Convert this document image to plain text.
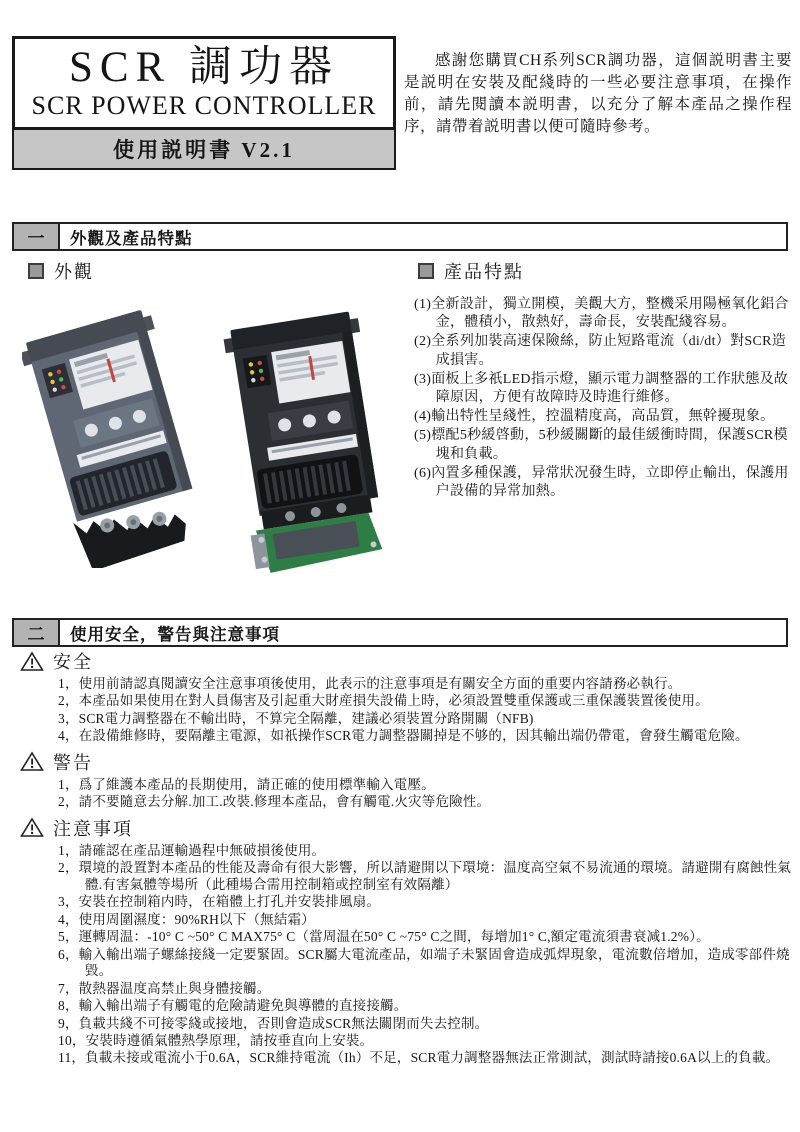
SCR 調功器
SCR POWER CONTROLLER
使用説明書 V2.1
感謝您購買CH系列SCR調功器，這個説明書主要是説明在安裝及配綫時的一些必要注意事項，在操作前，請先閱讀本説明書，以充分了解本產品之操作程序，請帶着説明書以便可隨時參考。
一	外觀及產品特點
外觀	產品特點
(1)全新設計，獨立開模，美觀大方，整機采用陽極氧化鋁合金，體積小，散熱好，壽命長，安裝配綫容易。
(2)全系列加裝高速保險絲，防止短路電流（di/dt）對SCR造成損害。
(3)面板上多祇LED指示燈，顯示電力調整器的工作狀態及故障原因，方便有故障時及時進行維修。
(4)輸出特性呈綫性，控溫精度高，高品質，無幹擾現象。
(5)標配5秒緩啓動，5秒緩關斷的最佳緩衝時間，保護SCR模塊和負載。
(6)內置多種保護，异常狀况發生時，立即停止輸出，保護用户設備的异常加熱。
二	使用安全，警告與注意事項
安全
1，使用前請認真閱讀安全注意事項後使用，此表示的注意事項是有關安全方面的重要内容請務必執行。
2，本產品如果使用在對人員傷害及引起重大財産損失設備上時，必須設置雙重保護或三重保護裝置後使用。
3，SCR電力調整器在不輸出時，不算完全隔離，建議必須裝置分路開關（NFB)
4，在設備維修時，要隔離主電源，如祇操作SCR電力調整器關掉是不够的，因其輸出端仍帶電，會發生觸電危險。
警告
1，爲了維護本產品的長期使用，請正確的使用標準輸入電壓。
2，請不要隨意去分解.加工.改裝.修理本產品，會有觸電.火灾等危險性。
注意事項
1，請確認在產品運輸過程中無破損後使用。
2，環境的設置對本產品的性能及壽命有很大影響，所以請避開以下環境：温度高空氣不易流通的環境。請避開有腐蝕性氣體.有害氣體等場所（此種場合需用控制箱或控制室有效隔離）
3，安裝在控制箱内時，在箱體上打孔并安裝排風扇。
4，使用周圍濕度：90%RH以下（無結霜）
5，運轉周温：-10° C ~50° C MAX75° C（當周温在50° C ~75° C之間，每增加1° C,額定電流須書衰减1.2%）。
6，輸入輸出端子螺絲接綫一定要緊固。SCR屬大電流產品，如端子未緊固會造成弧焊現象，電流數倍增加，造成零部件燒毀。
7，散熱器温度高禁止與身體接觸。
8，輸入輸出端子有觸電的危險請避免與導體的直接接觸。
9，負載共綫不可接零綫或接地，否則會造成SCR無法關閉而失去控制。
10，安裝時遵循氣體熱學原理，請按垂直向上安裝。
11，負載未接或電流小于0.6A，SCR維持電流（Ih）不足，SCR電力調整器無法正常測試，測試時請接0.6A以上的負載。
